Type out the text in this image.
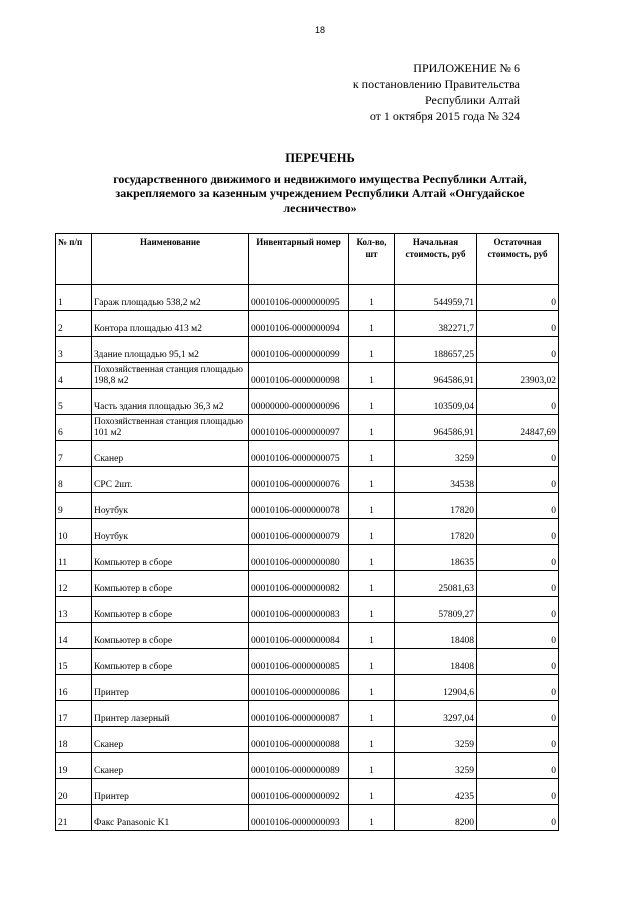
18
ПРИЛОЖЕНИЕ № 6
к постановлению Правительства
Республики Алтай
от 1 октября 2015 года № 324
ПЕРЕЧЕНЬ
государственного движимого и недвижимого имущества Республики Алтай, закрепляемого за казенным учреждением Республики Алтай «Онгудайское лесничество»
№ п/п	Наименование	Инвентарный номер	Кол-во, шт	Начальная стоимость, руб	Остаточная стоимость, руб
1	Гараж площадью 538,2 м2	00010106-0000000095	1	544959,71	0
2	Контора площадью 413 м2	00010106-0000000094	1	382271,7	0
3	Здание площадью 95,1 м2	00010106-0000000099	1	188657,25	0
4	Похозяйственная станция площадью 198,8 м2	00010106-0000000098	1	964586,91	23903,02
5	Часть здания площадью 36,3 м2	00000000-0000000096	1	103509,04	0
6	Похозяйственная станция площадью 101 м2	00010106-0000000097	1	964586,91	24847,69
7	Сканер	00010106-0000000075	1	3259	0
8	СРС 2шт.	00010106-0000000076	1	34538	0
9	Ноутбук	00010106-0000000078	1	17820	0
10	Ноутбук	00010106-0000000079	1	17820	0
11	Компьютер в сборе	00010106-0000000080	1	18635	0
12	Компьютер в сборе	00010106-0000000082	1	25081,63	0
13	Компьютер в сборе	00010106-0000000083	1	57809,27	0
14	Компьютер в сборе	00010106-0000000084	1	18408	0
15	Компьютер в сборе	00010106-0000000085	1	18408	0
16	Принтер	00010106-0000000086	1	12904,6	0
17	Принтер лазерный	00010106-0000000087	1	3297,04	0
18	Сканер	00010106-0000000088	1	3259	0
19	Сканер	00010106-0000000089	1	3259	0
20	Принтер	00010106-0000000092	1	4235	0
21	Факс Panasonic K1	00010106-0000000093	1	8200	0
